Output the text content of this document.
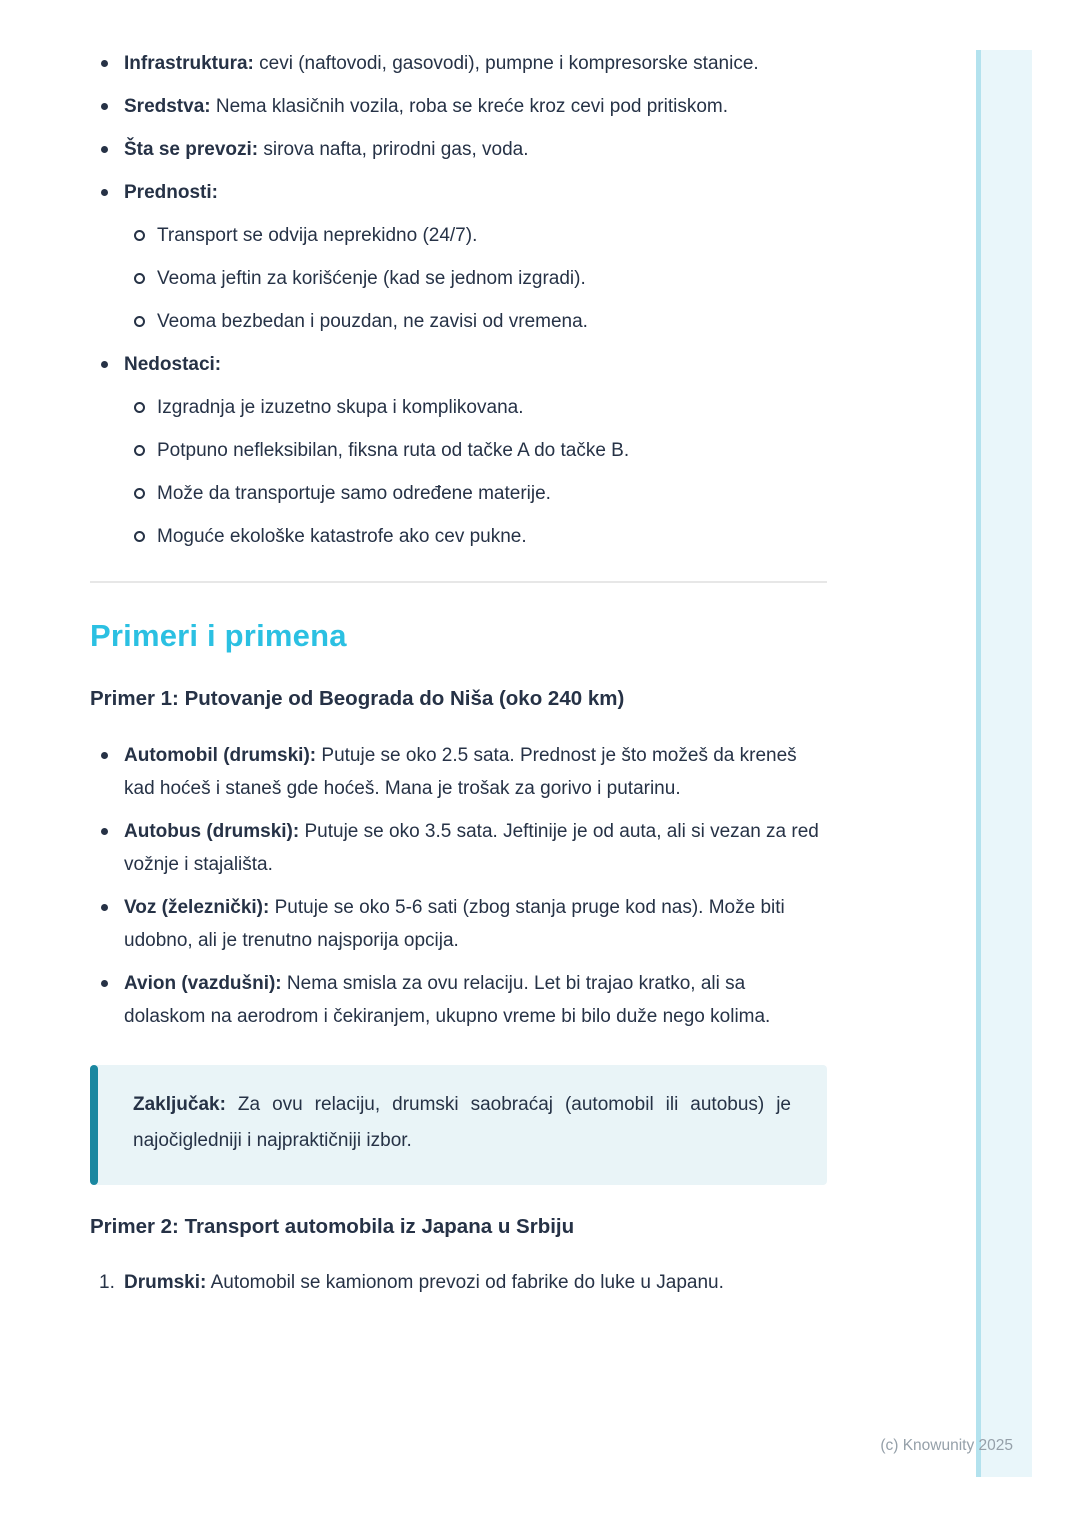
Infrastruktura: cevi (naftovodi, gasovodi), pumpne i kompresorske stanice.
Sredstva: Nema klasičnih vozila, roba se kreće kroz cevi pod pritiskom.
Šta se prevozi: sirova nafta, prirodni gas, voda.
Prednosti:
Transport se odvija neprekidno (24/7).
Veoma jeftin za korišćenje (kad se jednom izgradi).
Veoma bezbedan i pouzdan, ne zavisi od vremena.
Nedostaci:
Izgradnja je izuzetno skupa i komplikovana.
Potpuno nefleksibilan, fiksna ruta od tačke A do tačke B.
Može da transportuje samo određene materije.
Moguće ekološke katastrofe ako cev pukne.
Primeri i primena
Primer 1: Putovanje od Beograda do Niša (oko 240 km)
Automobil (drumski): Putuje se oko 2.5 sata. Prednost je što možeš da kreneš kad hoćeš i staneš gde hoćeš. Mana je trošak za gorivo i putarinu.
Autobus (drumski): Putuje se oko 3.5 sata. Jeftinije je od auta, ali si vezan za red vožnje i stajališta.
Voz (železnički): Putuje se oko 5-6 sati (zbog stanja pruge kod nas). Može biti udobno, ali je trenutno najsporija opcija.
Avion (vazdušni): Nema smisla za ovu relaciju. Let bi trajao kratko, ali sa dolaskom na aerodrom i čekiranjem, ukupno vreme bi bilo duže nego kolima.

Zaključak: Za ovu relaciju, drumski saobraćaj (automobil ili autobus) je najočigledniji i najpraktičniji izbor.

Primer 2: Transport automobila iz Japana u Srbiju
1. Drumski: Automobil se kamionom prevozi od fabrike do luke u Japanu.
(c) Knowunity 2025
